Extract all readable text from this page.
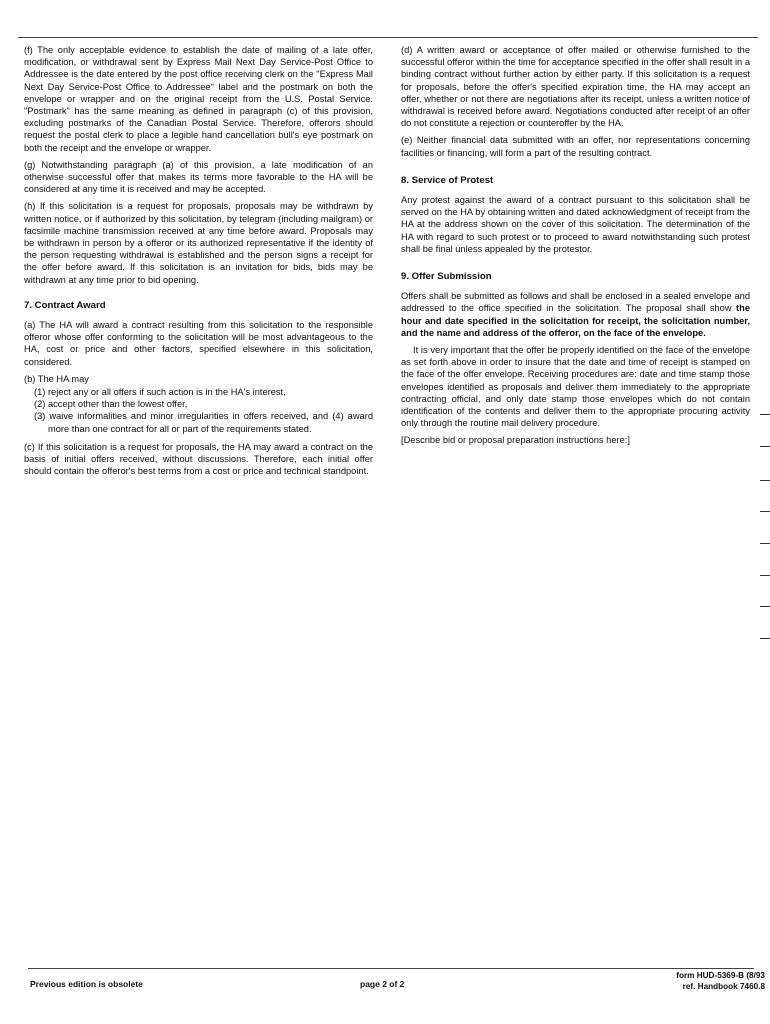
(f) The only acceptable evidence to establish the date of mailing of a late offer, modification, or withdrawal sent by Express Mail Next Day Service-Post Office to Addressee is the date entered by the post office receiving clerk on the "Express Mail Next Day Service-Post Office to Addressee" label and the postmark on both the envelope or wrapper and on the original receipt from the U.S. Postal Service. "Postmark" has the same meaning as defined in paragraph (c) of this provision, excluding postmarks of the Canadian Postal Service. Therefore, offerors should request the postal clerk to place a legible hand cancellation bull's eye postmark on both the receipt and the envelope or wrapper.

(g) Notwithstanding paragraph (a) of this provision, a late modification of an otherwise successful offer that makes its terms more favorable to the HA will be considered at any time it is received and may be accepted.

(h) If this solicitation is a request for proposals, proposals may be withdrawn by written notice, or if authorized by this solicitation, by telegram (including mailgram) or facsimile machine transmission received at any time before award. Proposals may be withdrawn in person by a offeror or its authorized representative if the identity of the person requesting withdrawal is established and the person signs a receipt for the offer before award. If this solicitation is an invitation for bids, bids may be withdrawn at any time prior to bid opening.

7. Contract Award

(a) The HA will award a contract resulting from this solicitation to the responsible offeror whose offer conforming to the solicitation will be most advantageous to the HA, cost or price and other factors, specified elsewhere in this solicitation, considered.

(b) The HA may

(1) reject any or all offers if such action is in the HA's interest,
(2) accept other than the lowest offer,
(3) waive informalities and minor irregularities in offers received, and (4) award more than one contract for all or part of the requirements stated.

(c) If this solicitation is a request for proposals, the HA may award a contract on the basis of initial offers received, without discussions. Therefore, each initial offer should contain the offeror's best terms from a cost or price and technical standpoint.

(d) A written award or acceptance of offer mailed or otherwise furnished to the successful offeror within the time for acceptance specified in the offer shall result in a binding contract without further action by either party. If this solicitation is a request for proposals, before the offer's specified expiration time, the HA may accept an offer, whether or not there are negotiations after its receipt, unless a written notice of withdrawal is received before award. Negotiations conducted after receipt of an offer do not constitute a rejection or counteroffer by the HA.

(e) Neither financial data submitted with an offer, nor representations concerning facilities or financing, will form a part of the resulting contract.

8. Service of Protest

Any protest against the award of a contract pursuant to this solicitation shall be served on the HA by obtaining written and dated acknowledgment of receipt from the HA at the address shown on the cover of this solicitation. The determination of the HA with regard to such protest or to proceed to award notwithstanding such protest shall be final unless appealed by the protestor.

9. Offer Submission

Offers shall be submitted as follows and shall be enclosed in a sealed envelope and addressed to the office specified in the solicitation. The proposal shall show the hour and date specified in the solicitation for receipt, the solicitation number, and the name and address of the offeror, on the face of the envelope.

It is very important that the offer be properly identified on the face of the envelope as set forth above in order to insure that the date and time of receipt is stamped on the face of the offer envelope. Receiving procedures are: date and time stamp those envelopes identified as proposals and deliver them immediately to the appropriate contracting official, and only date stamp those envelopes which do not contain identification of the contents and deliver them to the appropriate procuring activity only through the routine mail delivery procedure.

[Describe bid or proposal preparation instructions here:]

Previous edition is obsolete	page 2 of 2
form HUD-5369-B (8/93
ref. Handbook 7460.8
